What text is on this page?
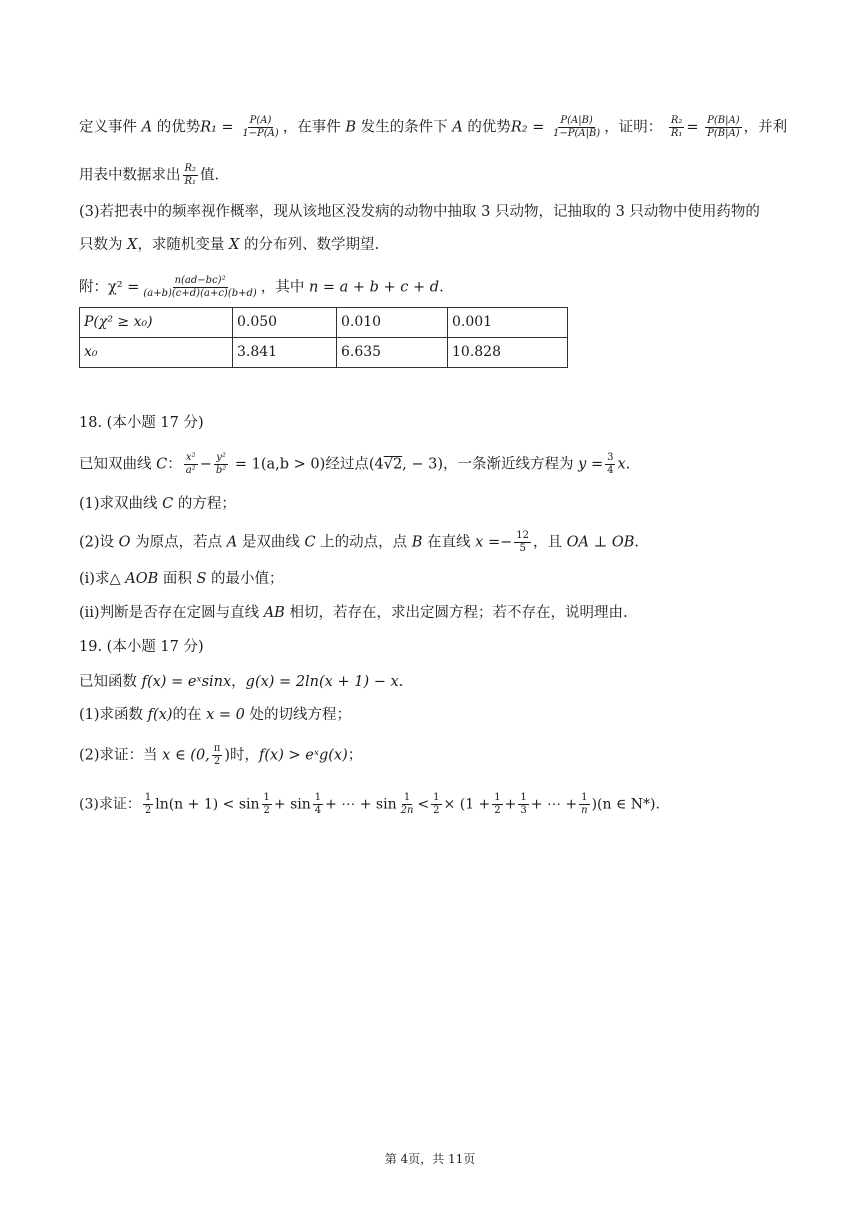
定义事件 A 的优势$R_1 = \frac{P(A)}{1-P(A)}$ ，在事件 B 发生的条件下 A 的优势$R_2 = \frac{P(A|B)}{1-P(A|B)}$ ，证明： $\frac{\text{R₂}}{\text{R₁}} = \frac{P(B|A)}{P(B|A)}$ ，并利
用表中数据求出 $\frac{\text{R₂}}{\text{R₁}}$ 值.
(3)若把表中的频率视作概率，现从该地区没发病的动物中抽取 3 只动物，记抽取的 3 只动物中使用药物的
只数为 X，求随机变量 X 的分布列、数学期望.
附：$\chi^2 = \frac{\text{n(ad−bc)²}}{(a+b)(c+d)(a+c)(b+d)}$ ，其中 n = a + b + c + d.
P(χ² ≥ x₀)	0.050	0.010	0.001
x₀	3.841	6.635	10.828
18. (本小题 17 分)
已知双曲线 C： $\frac{\text{x²}}{\text{a²}} - \frac{\text{y²}}{\text{b²}} = 1(a,b > 0)$经过点(4√2, − 3)，一条渐近线方程为 $y = \frac{3}{4} x$.
(1)求双曲线 C 的方程；
(2)设 O 为原点，若点 A 是双曲线 C 上的动点，点 B 在直线 $x =- \frac{12}{5}$ ，且 OA ⊥ OB.
(i)求△ AOB 面积 S 的最小值；
(ii)判断是否存在定圆与直线 AB 相切，若存在，求出定圆方程；若不存在，说明理由.
19. (本小题 17 分)
已知函数 f(x) = eˣsinx，g(x) = 2ln(x + 1) − x.
(1)求函数 f(x)的在 x = 0 处的切线方程；
(2)求证：当 x ∈ (0, $\frac{\pi}{2}$ )时，f(x) > eˣg(x)；
(3)求证： $\frac{1}{2} \ln(n + 1) < \sin \frac{1}{2} + \sin \frac{1}{4}$ + ⋯ + $\sin \frac{1}{2n} < \frac{1}{2} \times (1 + \frac{1}{2} + \frac{1}{3}$ + ⋯ + $\frac{1}{n} )(n$ ∈ N*).
第 4页，共 11页
